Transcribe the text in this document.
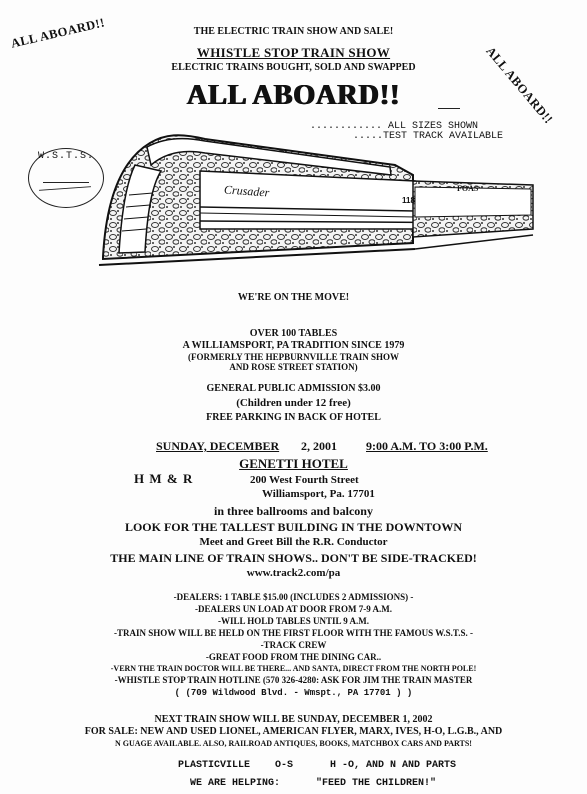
ALL ABOARD!!
ALL ABOARD!!
THE ELECTRIC TRAIN SHOW AND SALE!
WHISTLE STOP TRAIN SHOW
ELECTRIC TRAINS BOUGHT, SOLD AND SWAPPED
ALL ABOARD!!
............ ALL SIZES SHOWN
.....TEST TRACK AVAILABLE
W.S.T.S.
FOAS
Crusader
118
WE'RE ON THE MOVE!
OVER 100 TABLES
A WILLIAMSPORT, PA TRADITION SINCE 1979
(FORMERLY THE HEPBURNVILLE TRAIN SHOW
AND ROSE STREET STATION)
GENERAL PUBLIC ADMISSION $3.00
(Children under 12 free)
FREE PARKING IN BACK OF HOTEL
SUNDAY, DECEMBER 2, 2001 9:00 A.M. TO 3:00 P.M.
GENETTI HOTEL
H M & R	200 West Fourth Street
Williamsport, Pa. 17701
in three ballrooms and balcony
LOOK FOR THE TALLEST BUILDING IN THE DOWNTOWN
Meet and Greet Bill the R.R. Conductor
THE MAIN LINE OF TRAIN SHOWS.. DON'T BE SIDE-TRACKED!
www.track2.com/pa
-DEALERS: 1 TABLE $15.00 (INCLUDES 2 ADMISSIONS) -
-DEALERS UN LOAD AT DOOR FROM 7-9 A.M.
-WILL HOLD TABLES UNTIL 9 A.M.
-TRAIN SHOW WILL BE HELD ON THE FIRST FLOOR WITH THE FAMOUS W.S.T.S. -
-TRACK CREW
-GREAT FOOD FROM THE DINING CAR..
-VERN THE TRAIN DOCTOR WILL BE THERE... AND SANTA, DIRECT FROM THE NORTH POLE!
-WHISTLE STOP TRAIN HOTLINE (570 326-4280: ASK FOR JIM THE TRAIN MASTER
( (709 Wildwood Blvd. - Wmspt., PA 17701 ) )
NEXT TRAIN SHOW WILL BE SUNDAY, DECEMBER 1, 2002
FOR SALE: NEW AND USED LIONEL, AMERICAN FLYER, MARX, IVES, H-O, L.G.B., AND
N GUAGE AVAILABLE. ALSO, RAILROAD ANTIQUES, BOOKS, MATCHBOX CARS AND PARTS!
PLASTICVILLE O-S	H -O, AND N AND PARTS
WE ARE HELPING:	"FEED THE CHILDREN!"
